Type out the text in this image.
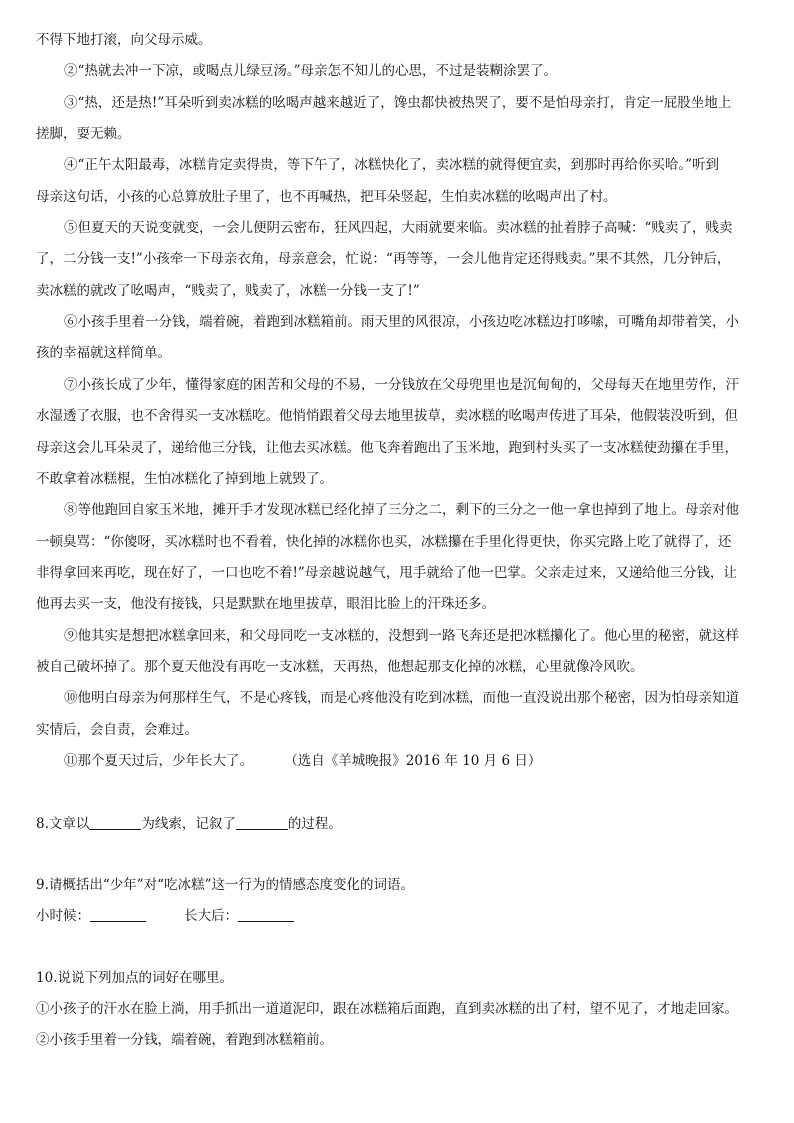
不得下地打滚，向父母示威。
②“热就去冲一下凉，或喝点儿绿豆汤。”母亲怎不知儿的心思，不过是装糊涂罢了。
③“热，还是热!”耳朵听到卖冰糕的吆喝声越来越近了，馋虫都快被热哭了，要不是怕母亲打，肯定一屁股坐地上
搓脚，耍无赖。
④“正午太阳最毒，冰糕肯定卖得贵，等下午了，冰糕快化了，卖冰糕的就得便宜卖，到那时再给你买哈。”听到
母亲这句话，小孩的心总算放肚子里了，也不再喊热，把耳朵竖起，生怕卖冰糕的吆喝声出了村。
⑤但夏天的天说变就变，一会儿便阴云密布，狂风四起，大雨就要来临。卖冰糕的扯着脖子高喊：“贱卖了，贱卖
了，二分钱一支!”小孩牵一下母亲衣角，母亲意会，忙说：“再等等，一会儿他肯定还得贱卖。”果不其然，几分钟后，
卖冰糕的就改了吆喝声，“贱卖了，贱卖了，冰糕一分钱一支了!”
⑥小孩手里着一分钱，端着碗，着跑到冰糕箱前。雨天里的风很凉，小孩边吃冰糕边打哆嗦，可嘴角却带着笑，小
孩的幸福就这样简单。
⑦小孩长成了少年，懂得家庭的困苦和父母的不易，一分钱放在父母兜里也是沉甸甸的，父母每天在地里劳作，汗
水湿透了衣服，也不舍得买一支冰糕吃。他悄悄跟着父母去地里拔草，卖冰糕的吆喝声传进了耳朵，他假装没听到，但
母亲这会儿耳朵灵了，递给他三分钱，让他去买冰糕。他飞奔着跑出了玉米地，跑到村头买了一支冰糕使劲攥在手里，
不敢拿着冰糕棍，生怕冰糕化了掉到地上就毁了。
⑧等他跑回自家玉米地，摊开手才发现冰糕已经化掉了三分之二，剩下的三分之一他一拿也掉到了地上。母亲对他
一顿臭骂：“你傻呀，买冰糕时也不看着，快化掉的冰糕你也买，冰糕攥在手里化得更快，你买完路上吃了就得了，还
非得拿回来再吃，现在好了，一口也吃不着!”母亲越说越气，甩手就给了他一巴掌。父亲走过来，又递给他三分钱，让
他再去买一支，他没有接钱，只是默默在地里拔草，眼泪比脸上的汗珠还多。
⑨他其实是想把冰糕拿回来，和父母同吃一支冰糕的，没想到一路飞奔还是把冰糕攥化了。他心里的秘密，就这样
被自己破坏掉了。那个夏天他没有再吃一支冰糕，天再热，他想起那支化掉的冰糕，心里就像冷风吹。
⑩他明白母亲为何那样生气，不是心疼钱，而是心疼他没有吃到冰糕，而他一直没说出那个秘密，因为怕母亲知道
实情后，会自责，会难过。
⑪那个夏天过后，少年长大了。	（选自《羊城晚报》2016 年 10 月 6 日）
8.文章以	为线索，记叙了	的过程。
9.请概括出“少年”对“吃冰糕”这一行为的情感态度变化的词语。
小时候：	长大后：
10.说说下列加点的词好在哪里。
①小孩子的汗水在脸上淌，用手抓出一道道泥印，跟在冰糕箱后面跑，直到卖冰糕的出了村，望不见了，才地走回家。
②小孩手里着一分钱，端着碗，着跑到冰糕箱前。
